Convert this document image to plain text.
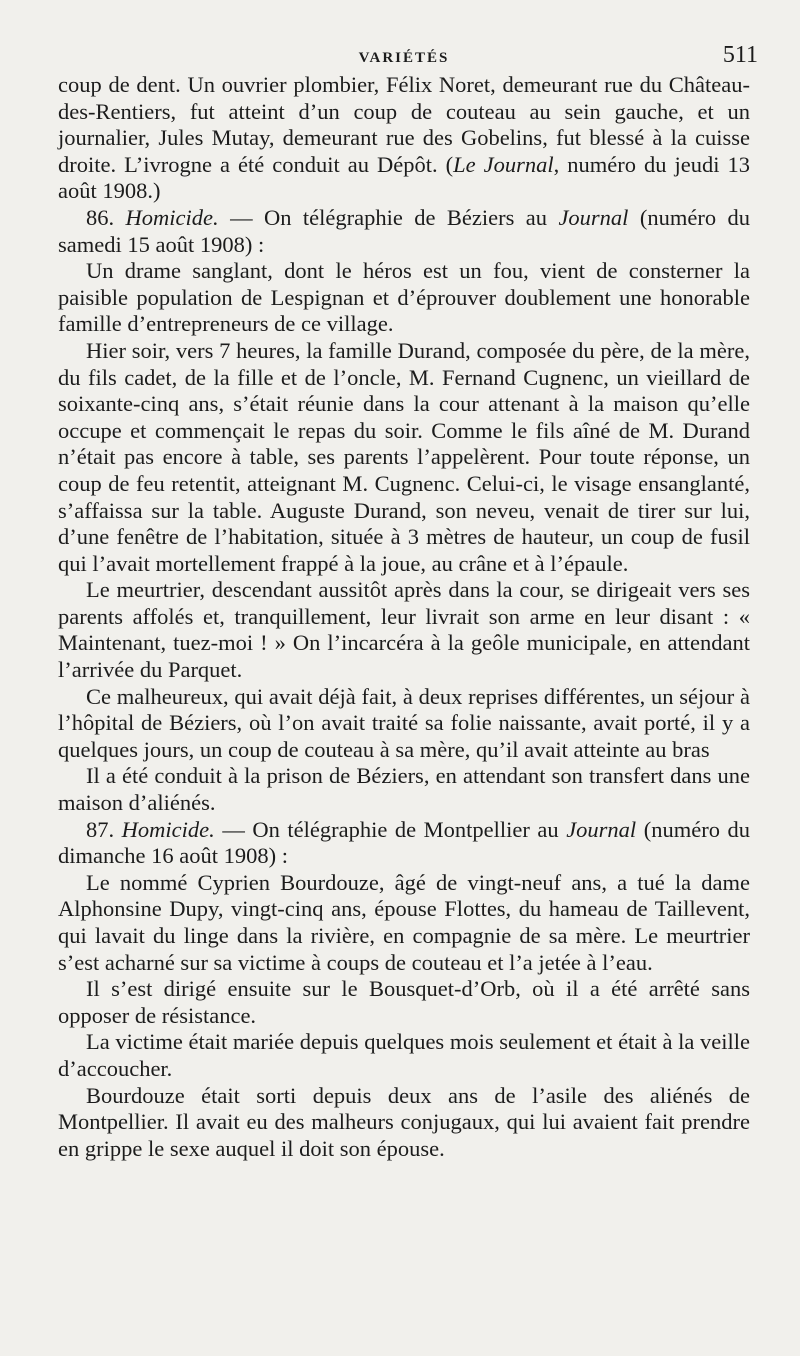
VARIÉTÉS	511

coup de dent. Un ouvrier plombier, Félix Noret, demeurant rue du Château-des-Rentiers, fut atteint d’un coup de couteau au sein gauche, et un journalier, Jules Mutay, demeurant rue des Gobelins, fut blessé à la cuisse droite. L’ivrogne a été conduit au Dépôt. (Le Journal, numéro du jeudi 13 août 1908.)

86. Homicide. — On télégraphie de Béziers au Journal (numéro du samedi 15 août 1908) :

Un drame sanglant, dont le héros est un fou, vient de consterner la paisible population de Lespignan et d’éprouver doublement une honorable famille d’entrepreneurs de ce village.

Hier soir, vers 7 heures, la famille Durand, composée du père, de la mère, du fils cadet, de la fille et de l’oncle, M. Fernand Cugnenc, un vieillard de soixante-cinq ans, s’était réunie dans la cour attenant à la maison qu’elle occupe et commençait le repas du soir. Comme le fils aîné de M. Durand n’était pas encore à table, ses parents l’appelèrent. Pour toute réponse, un coup de feu retentit, atteignant M. Cugnenc. Celui-ci, le visage ensanglanté, s’affaissa sur la table. Auguste Durand, son neveu, venait de tirer sur lui, d’une fenêtre de l’habitation, située à 3 mètres de hauteur, un coup de fusil qui l’avait mortellement frappé à la joue, au crâne et à l’épaule.

Le meurtrier, descendant aussitôt après dans la cour, se dirigeait vers ses parents affolés et, tranquillement, leur livrait son arme en leur disant : « Maintenant, tuez-moi ! » On l’incarcéra à la geôle municipale, en attendant l’arrivée du Parquet.

Ce malheureux, qui avait déjà fait, à deux reprises différentes, un séjour à l’hôpital de Béziers, où l’on avait traité sa folie naissante, avait porté, il y a quelques jours, un coup de couteau à sa mère, qu’il avait atteinte au bras

Il a été conduit à la prison de Béziers, en attendant son transfert dans une maison d’aliénés.

87. Homicide. — On télégraphie de Montpellier au Journal (numéro du dimanche 16 août 1908) :

Le nommé Cyprien Bourdouze, âgé de vingt-neuf ans, a tué la dame Alphonsine Dupy, vingt-cinq ans, épouse Flottes, du hameau de Taillevent, qui lavait du linge dans la rivière, en compagnie de sa mère. Le meurtrier s’est acharné sur sa victime à coups de couteau et l’a jetée à l’eau.

Il s’est dirigé ensuite sur le Bousquet-d’Orb, où il a été arrêté sans opposer de résistance.

La victime était mariée depuis quelques mois seulement et était à la veille d’accoucher.

Bourdouze était sorti depuis deux ans de l’asile des aliénés de Montpellier. Il avait eu des malheurs conjugaux, qui lui avaient fait prendre en grippe le sexe auquel il doit son épouse.
